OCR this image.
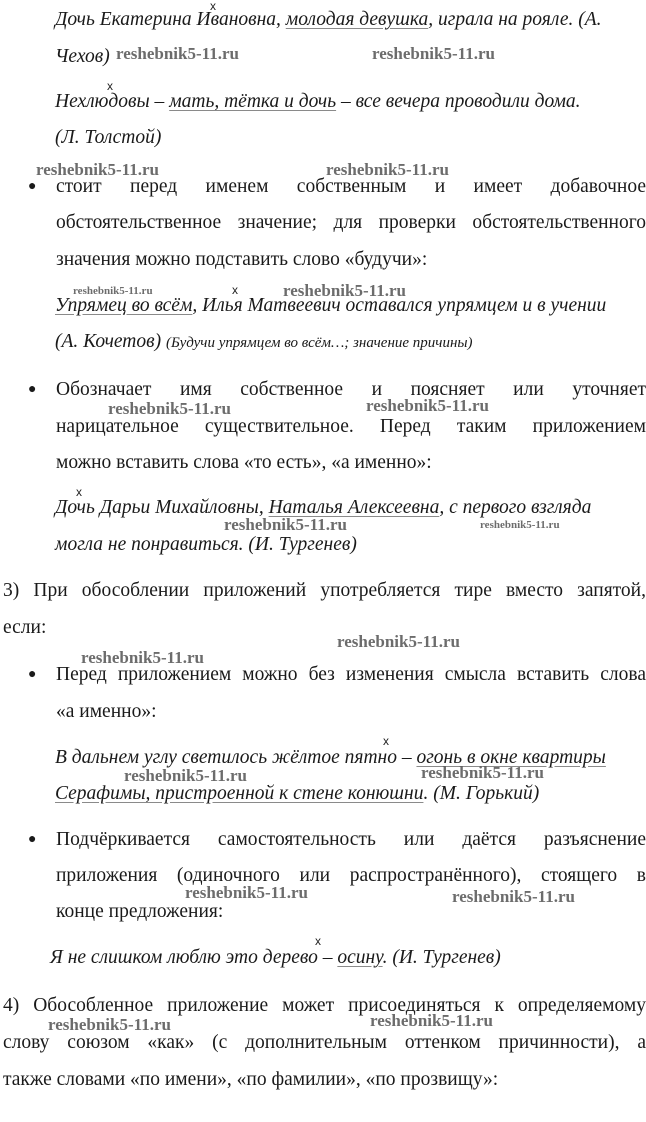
x
Дочь Екатерина Ивановна, молодая девушка, играла на рояле. (А.
Чехов) reshebnik5-11.ru	reshebnik5-11.ru
x
Нехлюдовы – мать, тётка и дочь – все вечера проводили дома.
(Л. Толстой)
reshebnik5-11.ru	reshebnik5-11.ru
● стоит перед именем собственным и имеет добавочное
обстоятельственное значение; для проверки обстоятельственного
значения можно подставить слово «будучи»:
reshebnik5-11.ru	x	reshebnik5-11.ru
Упрямец во всём, Илья Матвеевич оставался упрямцем и в учении
(А. Кочетов) (Будучи упрямцем во всём…; значение причины)
● Обозначает имя собственное и поясняет или уточняет
reshebnik5-11.ru	reshebnik5-11.ru
нарицательное существительное. Перед таким приложением
можно вставить слова «то есть», «а именно»:
x
Дочь Дарьи Михайловны, Наталья Алексеевна, с первого взгляда
reshebnik5-11.ru	reshebnik5-11.ru
могла не понравиться. (И. Тургенев)
3) При обособлении приложений употребляется тире вместо запятой,
если:
reshebnik5-11.ru
reshebnik5-11.ru
● Перед приложением можно без изменения смысла вставить слова
«а именно»:
x
В дальнем углу светилось жёлтое пятно – огонь в окне квартиры
reshebnik5-11.ru	reshebnik5-11.ru
Серафимы, пристроенной к стене конюшни. (М. Горький)
● Подчёркивается самостоятельность или даётся разъяснение
приложения (одиночного или распространённого), стоящего в
reshebnik5-11.ru	reshebnik5-11.ru
конце предложения:
x
Я не слишком люблю это дерево – осину. (И. Тургенев)
4) Обособленное приложение может присоединяться к определяемому
reshebnik5-11.ru	reshebnik5-11.ru
слову союзом «как» (с дополнительным оттенком причинности), а
также словами «по имени», «по фамилии», «по прозвищу»:
